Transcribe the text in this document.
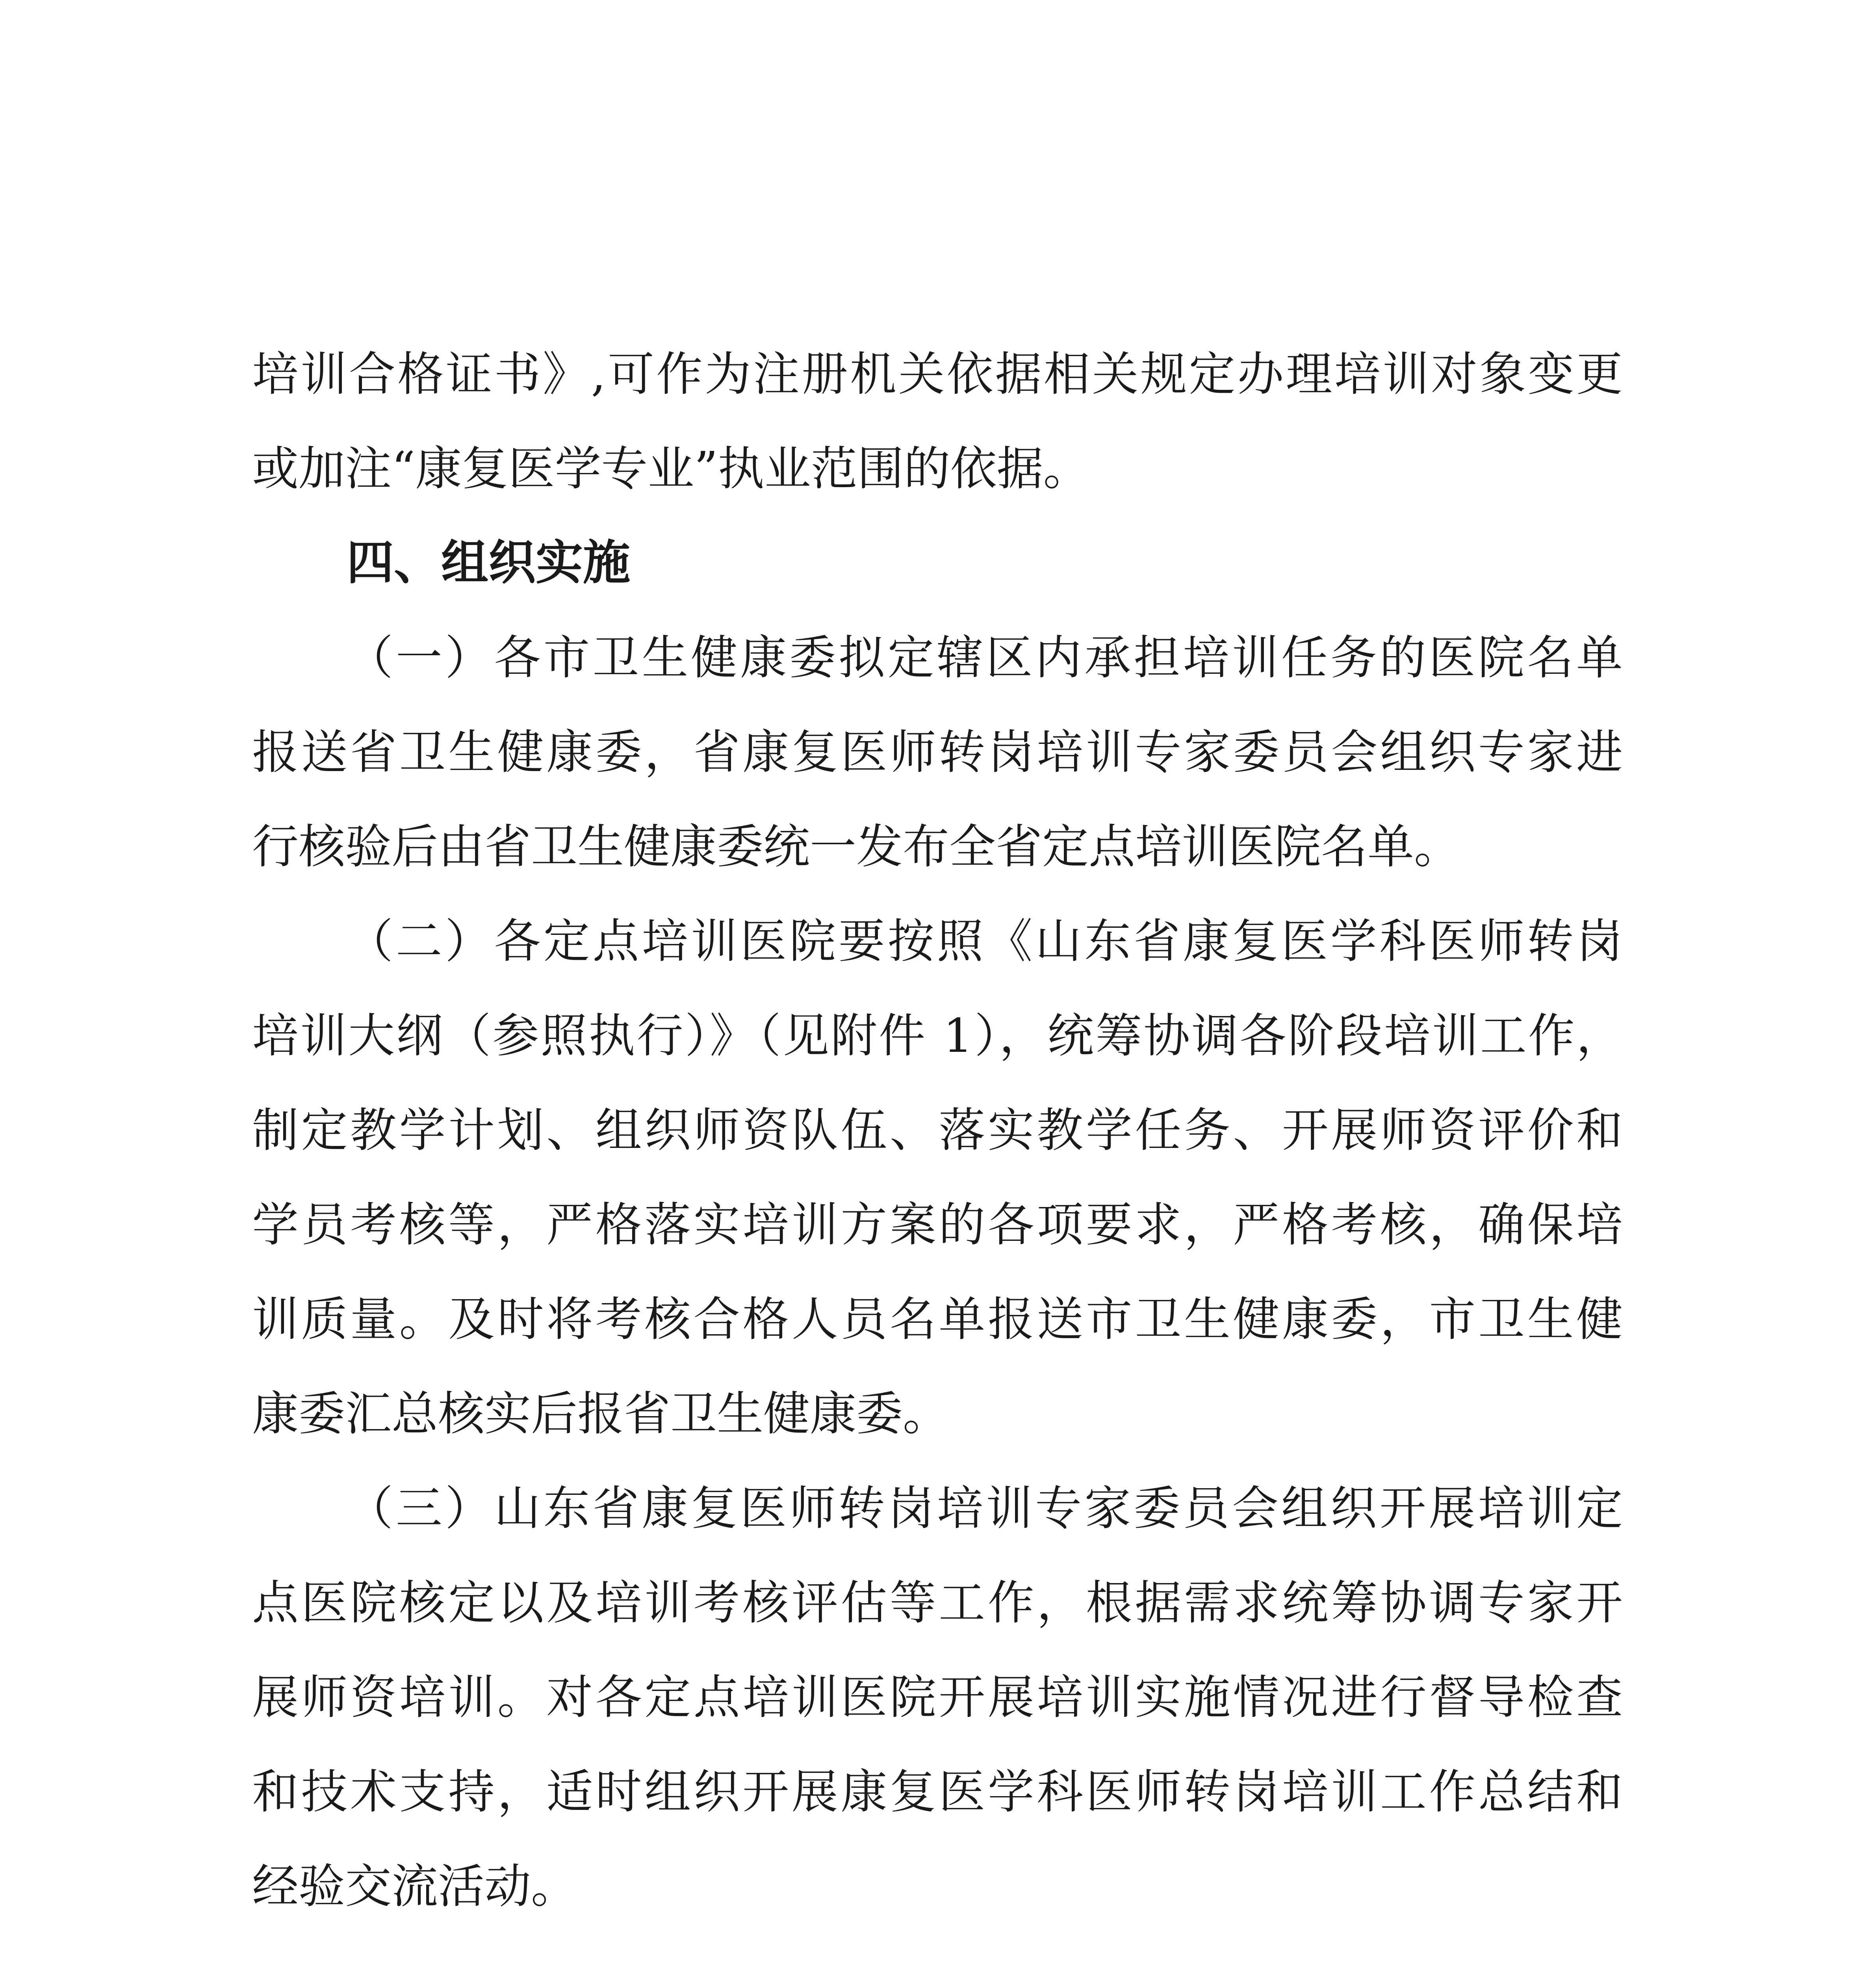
培训合格证书》,可作为注册机关依据相关规定办理培训对象变更
或加注“康复医学专业”执业范围的依据。
四、组织实施
（一）各市卫生健康委拟定辖区内承担培训任务的医院名单
报送省卫生健康委，省康复医师转岗培训专家委员会组织专家进
行核验后由省卫生健康委统一发布全省定点培训医院名单。
（二）各定点培训医院要按照《山东省康复医学科医师转岗
培训大纲（参照执行）》（见附件 1），统筹协调各阶段培训工作，
制定教学计划、组织师资队伍、落实教学任务、开展师资评价和
学员考核等，严格落实培训方案的各项要求，严格考核，确保培
训质量。及时将考核合格人员名单报送市卫生健康委，市卫生健
康委汇总核实后报省卫生健康委。
（三）山东省康复医师转岗培训专家委员会组织开展培训定
点医院核定以及培训考核评估等工作，根据需求统筹协调专家开
展师资培训。对各定点培训医院开展培训实施情况进行督导检查
和技术支持，适时组织开展康复医学科医师转岗培训工作总结和
经验交流活动。
